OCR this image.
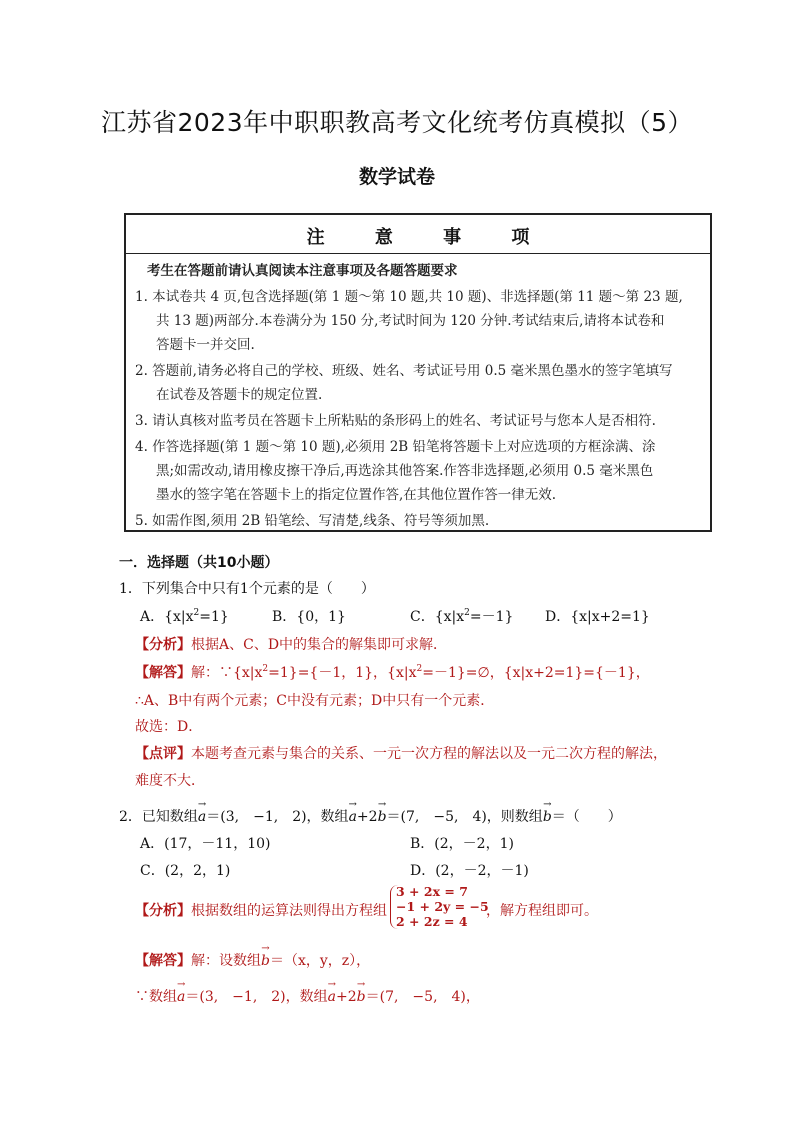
江苏省2023年中职职教高考文化统考仿真模拟（5）
数学试卷
注 意 事 项
考生在答题前请认真阅读本注意事项及各题答题要求
1. 本试卷共 4 页,包含选择题(第 1 题～第 10 题,共 10 题)、非选择题(第 11 题～第 23 题,
共 13 题)两部分.本卷满分为 150 分,考试时间为 120 分钟.考试结束后,请将本试卷和
答题卡一并交回.
2. 答题前,请务必将自己的学校、班级、姓名、考试证号用 0.5 毫米黑色墨水的签字笔填写
在试卷及答题卡的规定位置.
3. 请认真核对监考员在答题卡上所粘贴的条形码上的姓名、考试证号与您本人是否相符.
4. 作答选择题(第 1 题～第 10 题),必须用 2B 铅笔将答题卡上对应选项的方框涂满、涂
黑;如需改动,请用橡皮擦干净后,再选涂其他答案.作答非选择题,必须用 0.5 毫米黑色
墨水的签字笔在答题卡上的指定位置作答,在其他位置作答一律无效.
5. 如需作图,须用 2B 铅笔绘、写清楚,线条、符号等须加黑.
一．选择题（共10小题）
1．下列集合中只有1个元素的是（　　）
A．$\{x|x^2=1\}$	B．{0，1}	C．$\{x|x^2=-1\}$ D．{x|x+2=1}
【分析】根据A、C、D中的集合的解集即可求解．
【解答】解：$\because\{x|x^2=1\}=\{-1$，1}，$\{x|x^2=-1\}=\emptyset$，{x|x+2=1}={－1}，
∴A、B中有两个元素；C中没有元素；D中只有一个元素．
故选：D．
【点评】本题考查元素与集合的关系、一元一次方程的解法以及一元二次方程的解法，
难度不大．
2．已知数组→ a＝(3,　−1,　2)，数组→ a+2→ b＝(7,　−5,　4)，则数组→ b＝（　　）
A．(17，－11，10)	B．(2，－2，1)
C．(2，2，1)	D．(2，－2，－1)
【分析】根据数组的运算法则得出方程组
3 + 2x = 7
−1 + 2y = −5
2 + 2z = 4
，解方程组即可。
【解答】解：设数组→ b＝（x，y，z），
∵数组→ a＝(3,　−1,　2)，数组→ a+2→ b＝(7,　−5,　4)，
